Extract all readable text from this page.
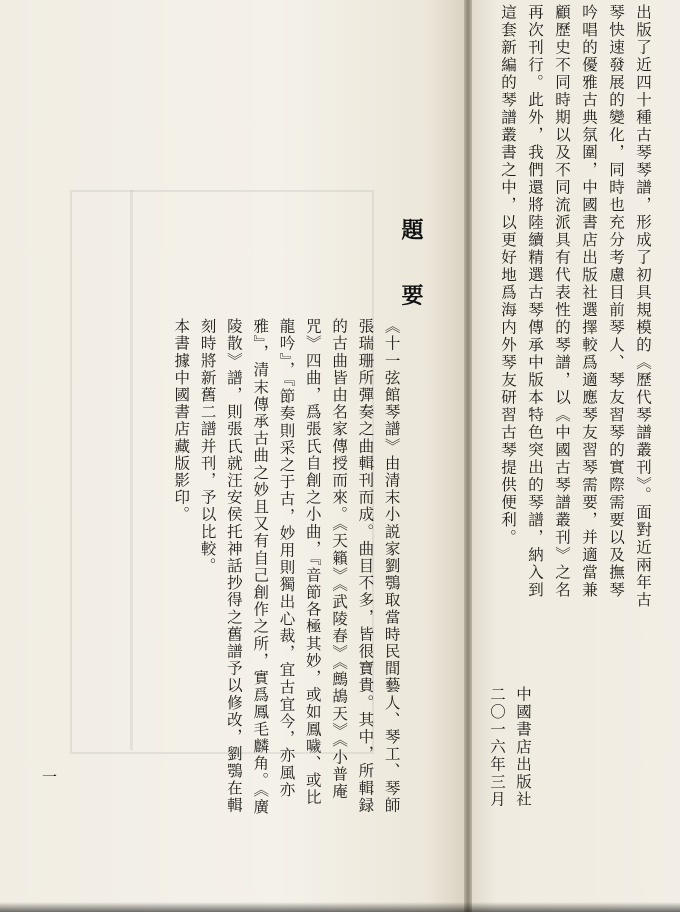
題 要
《十一弦館琴譜》由清末小説家劉鶚取當時民間藝人、琴工、琴師張瑞珊所彈奏之曲輯刊而成。曲目不多，皆很寶貴。其中，所輯録的古曲皆由名家傳授而來。《天籟》《武陵春》《鷓鴣天》《小普庵咒》四曲，爲張氏自創之小曲，『音節各極其妙，或如鳳噦、或比龍吟』，『節奏則采之于古，妙用則獨出心裁，宜古宜今，亦風亦雅』，清末傳承古曲之妙且又有自己創作之所，實爲鳳毛麟角。《廣陵散》譜，則張氏就汪安侯托神話抄得之舊譜予以修改，劉鶚在輯刻時將新舊二譜并刊，予以比較。
本書據中國書店藏版影印。
一
出版了近四十種古琴琴譜，形成了初具規模的《歷代琴譜叢刊》。面對近兩年古琴快速發展的變化，同時也充分考慮目前琴人、琴友習琴的實際需要以及撫琴吟唱的優雅古典氛圍，中國書店出版社選擇較爲適應琴友習琴需要，并適當兼顧歷史不同時期以及不同流派具有代表性的琴譜，以《中國古琴譜叢刊》之名再次刊行。此外，我們還將陸續精選古琴傳承中版本特色突出的琴譜，納入到這套新編的琴譜叢書之中，以更好地爲海内外琴友研習古琴提供便利。
中國書店出版社
二〇一六年三月
